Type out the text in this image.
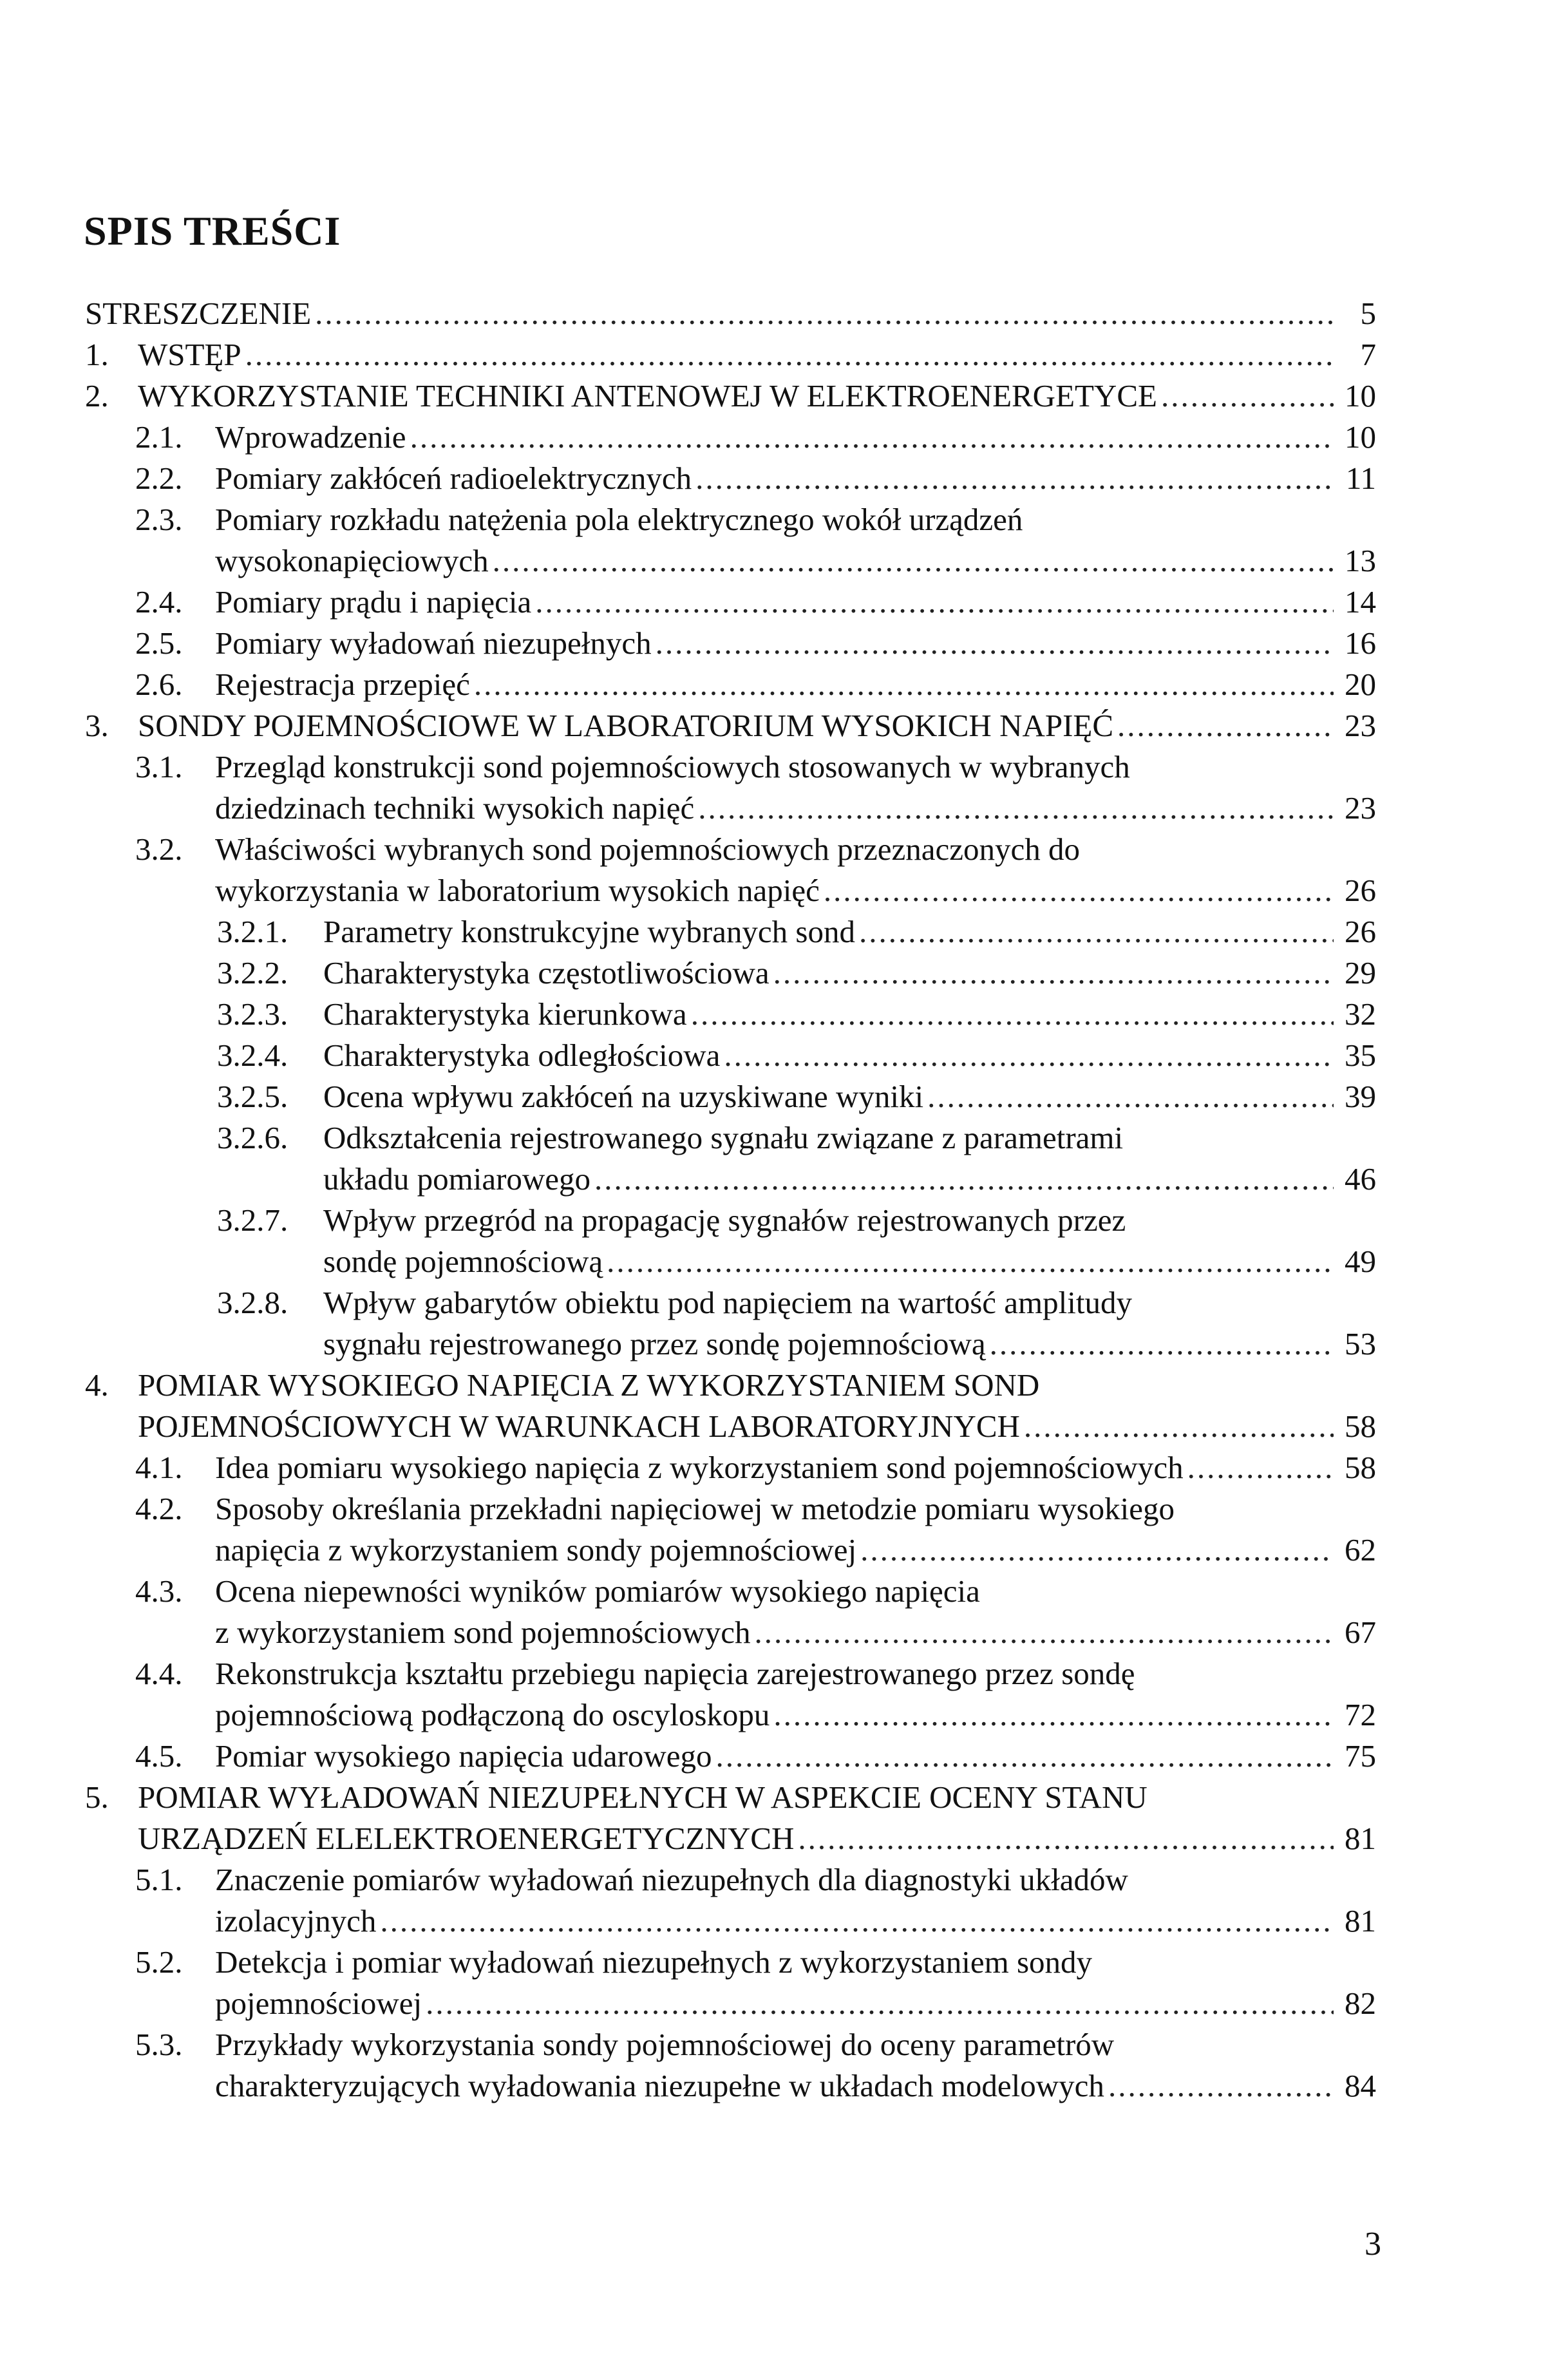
SPIS TREŚCI
STRESZCZENIE .....	5
1. WSTĘP .....	7
2. WYKORZYSTANIE TECHNIKI ANTENOWEJ W ELEKTROENERGETYCE .....	10
2.1. Wprowadzenie .....	10
2.2. Pomiary zakłóceń radioelektrycznych .....	11
2.3. Pomiary rozkładu natężenia pola elektrycznego wokół urządzeń
wysokonapięciowych .....	13
2.4. Pomiary prądu i napięcia .....	14
2.5. Pomiary wyładowań niezupełnych .....	16
2.6. Rejestracja przepięć .....	20
3. SONDY POJEMNOŚCIOWE W LABORATORIUM WYSOKICH NAPIĘĆ .....	23
3.1. Przegląd konstrukcji sond pojemnościowych stosowanych w wybranych
dziedzinach techniki wysokich napięć .....	23
3.2. Właściwości wybranych sond pojemnościowych przeznaczonych do
wykorzystania w laboratorium wysokich napięć .....	26
3.2.1. Parametry konstrukcyjne wybranych sond .....	26
3.2.2. Charakterystyka częstotliwościowa .....	29
3.2.3. Charakterystyka kierunkowa .....	32
3.2.4. Charakterystyka odległościowa .....	35
3.2.5. Ocena wpływu zakłóceń na uzyskiwane wyniki .....	39
3.2.6. Odkształcenia rejestrowanego sygnału związane z parametrami
układu pomiarowego .....	46
3.2.7. Wpływ przegród na propagację sygnałów rejestrowanych przez
sondę pojemnościową .....	49
3.2.8. Wpływ gabarytów obiektu pod napięciem na wartość amplitudy
sygnału rejestrowanego przez sondę pojemnościową .....	53
4. POMIAR WYSOKIEGO NAPIĘCIA Z WYKORZYSTANIEM SOND
POJEMNOŚCIOWYCH W WARUNKACH LABORATORYJNYCH .....	58
4.1. Idea pomiaru wysokiego napięcia z wykorzystaniem sond pojemnościowych .....	58
4.2. Sposoby określania przekładni napięciowej w metodzie pomiaru wysokiego
napięcia z wykorzystaniem sondy pojemnościowej .....	62
4.3. Ocena niepewności wyników pomiarów wysokiego napięcia
z wykorzystaniem sond pojemnościowych .....	67
4.4. Rekonstrukcja kształtu przebiegu napięcia zarejestrowanego przez sondę
pojemnościową podłączoną do oscyloskopu .....	72
4.5. Pomiar wysokiego napięcia udarowego .....	75
5. POMIAR WYŁADOWAŃ NIEZUPEŁNYCH W ASPEKCIE OCENY STANU
URZĄDZEŃ ELELEKTROENERGETYCZNYCH .....	81
5.1. Znaczenie pomiarów wyładowań niezupełnych dla diagnostyki układów
izolacyjnych .....	81
5.2. Detekcja i pomiar wyładowań niezupełnych z wykorzystaniem sondy
pojemnościowej .....	82
5.3. Przykłady wykorzystania sondy pojemnościowej do oceny parametrów
charakteryzujących wyładowania niezupełne w układach modelowych .....	84
3
